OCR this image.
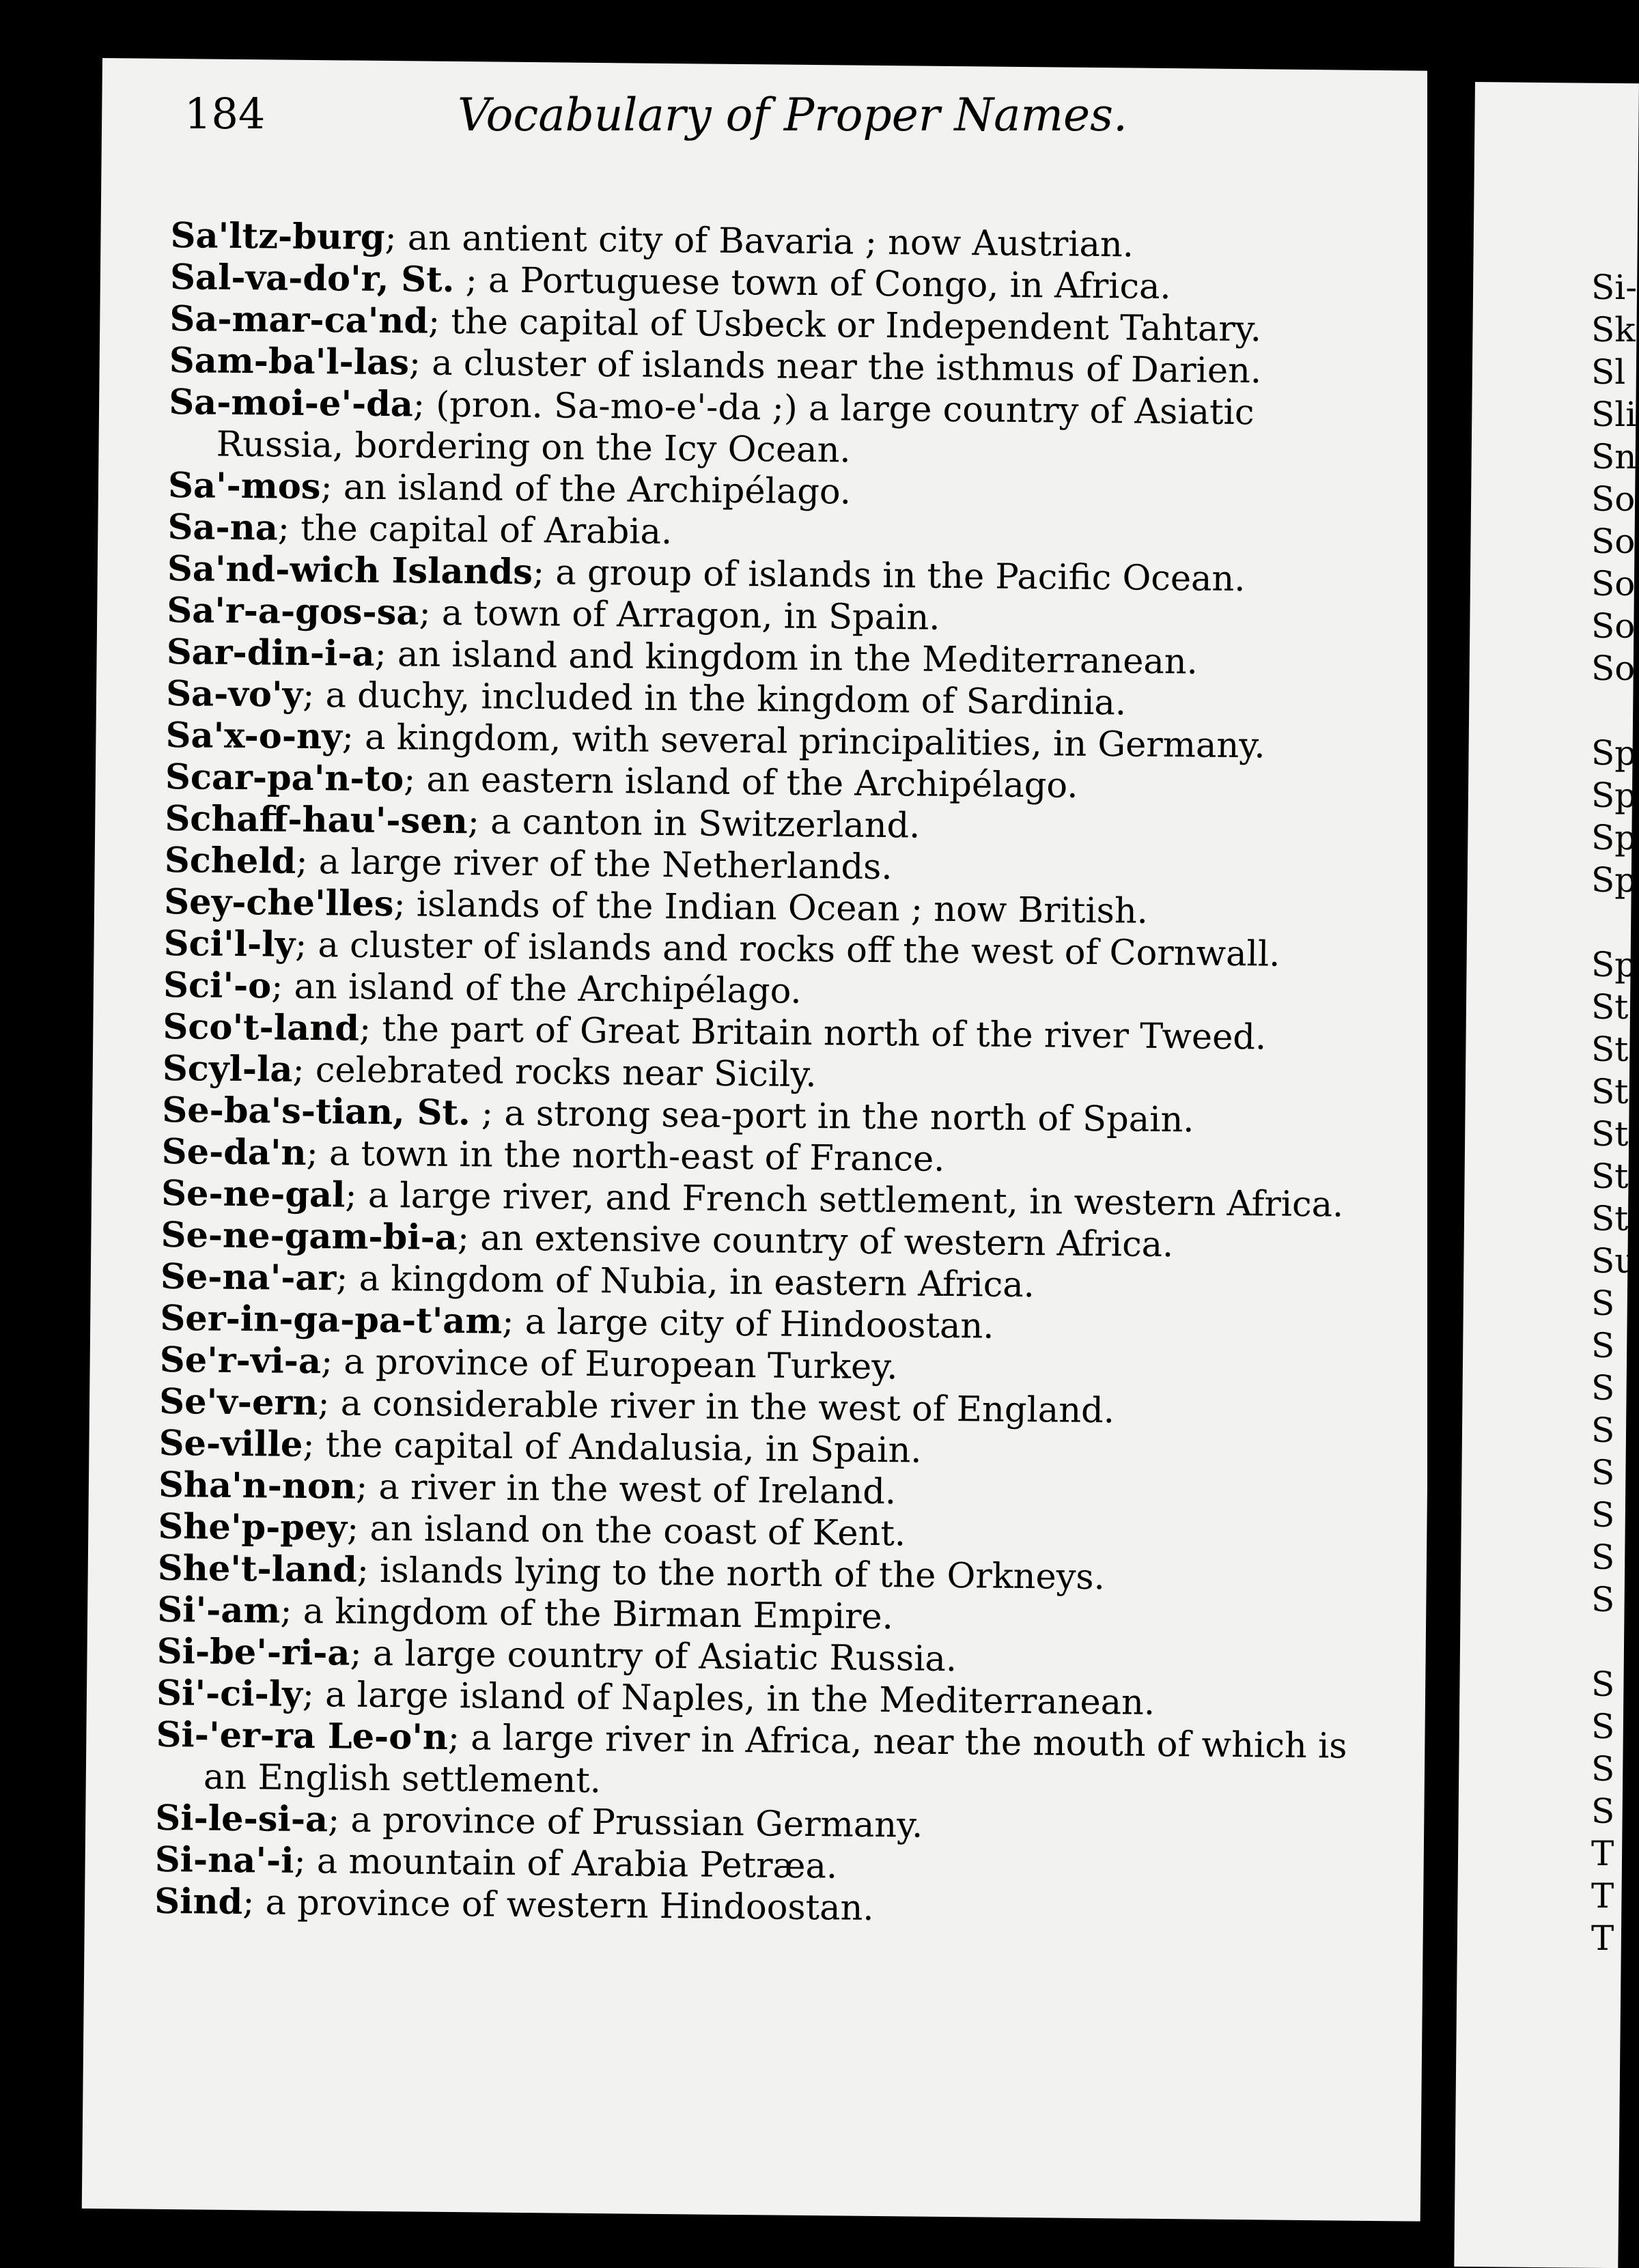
184	Vocabulary of Proper Names.

Sa'ltz-burg; an antient city of Bavaria ; now Austrian.

Sal-va-do'r, St. ; a Portuguese town of Congo, in Africa.

Sa-mar-ca'nd; the capital of Usbeck or Independent Tahtary.

Sam-ba'l-las; a cluster of islands near the isthmus of Darien.

Sa-moi-e'-da; (pron. Sa-mo-e'-da ;) a large country of Asiatic Russia, bordering on the Icy Ocean.

Sa'-mos; an island of the Archipélago.

Sa-na; the capital of Arabia.

Sa'nd-wich Islands; a group of islands in the Pacific Ocean.

Sa'r-a-gos-sa; a town of Arragon, in Spain.

Sar-din-i-a; an island and kingdom in the Mediterranean.

Sa-vo'y; a duchy, included in the kingdom of Sardinia.

Sa'x-o-ny; a kingdom, with several principalities, in Germany.

Scar-pa'n-to; an eastern island of the Archipélago.

Schaff-hau'-sen; a canton in Switzerland.

Scheld; a large river of the Netherlands.

Sey-che'lles; islands of the Indian Ocean ; now British.

Sci'l-ly; a cluster of islands and rocks off the west of Cornwall.

Sci'-o; an island of the Archipélago.

Sco't-land; the part of Great Britain north of the river Tweed.

Scyl-la; celebrated rocks near Sicily.

Se-ba's-tian, St. ; a strong sea-port in the north of Spain.

Se-da'n; a town in the north-east of France.

Se-ne-gal; a large river, and French settlement, in western Africa.

Se-ne-gam-bi-a; an extensive country of western Africa.

Se-na'-ar; a kingdom of Nubia, in eastern Africa.

Ser-in-ga-pa-t'am; a large city of Hindoostan.

Se'r-vi-a; a province of European Turkey.

Se'v-ern; a considerable river in the west of England.

Se-ville; the capital of Andalusia, in Spain.

Sha'n-non; a river in the west of Ireland.

She'p-pey; an island on the coast of Kent.

She't-land; islands lying to the north of the Orkneys.

Si'-am; a kingdom of the Birman Empire.

Si-be'-ri-a; a large country of Asiatic Russia.

Si'-ci-ly; a large island of Naples, in the Mediterranean.

Si-'er-ra Le-o'n; a large river in Africa, near the mouth of which is an English settlement.

Si-le-si-a; a province of Prussian Germany.

Si-na'-i; a mountain of Arabia Petræa.

Sind; a province of western Hindoostan.

Si-
Sk
Sl
Sli
Sn
So
So
So
So
So
Sp
Sp
Sp
Sp
Sp
St
St
St
St
St
St
Su
S
S
S
S
S
S
S
S
S
S
S
S
T
T
T
